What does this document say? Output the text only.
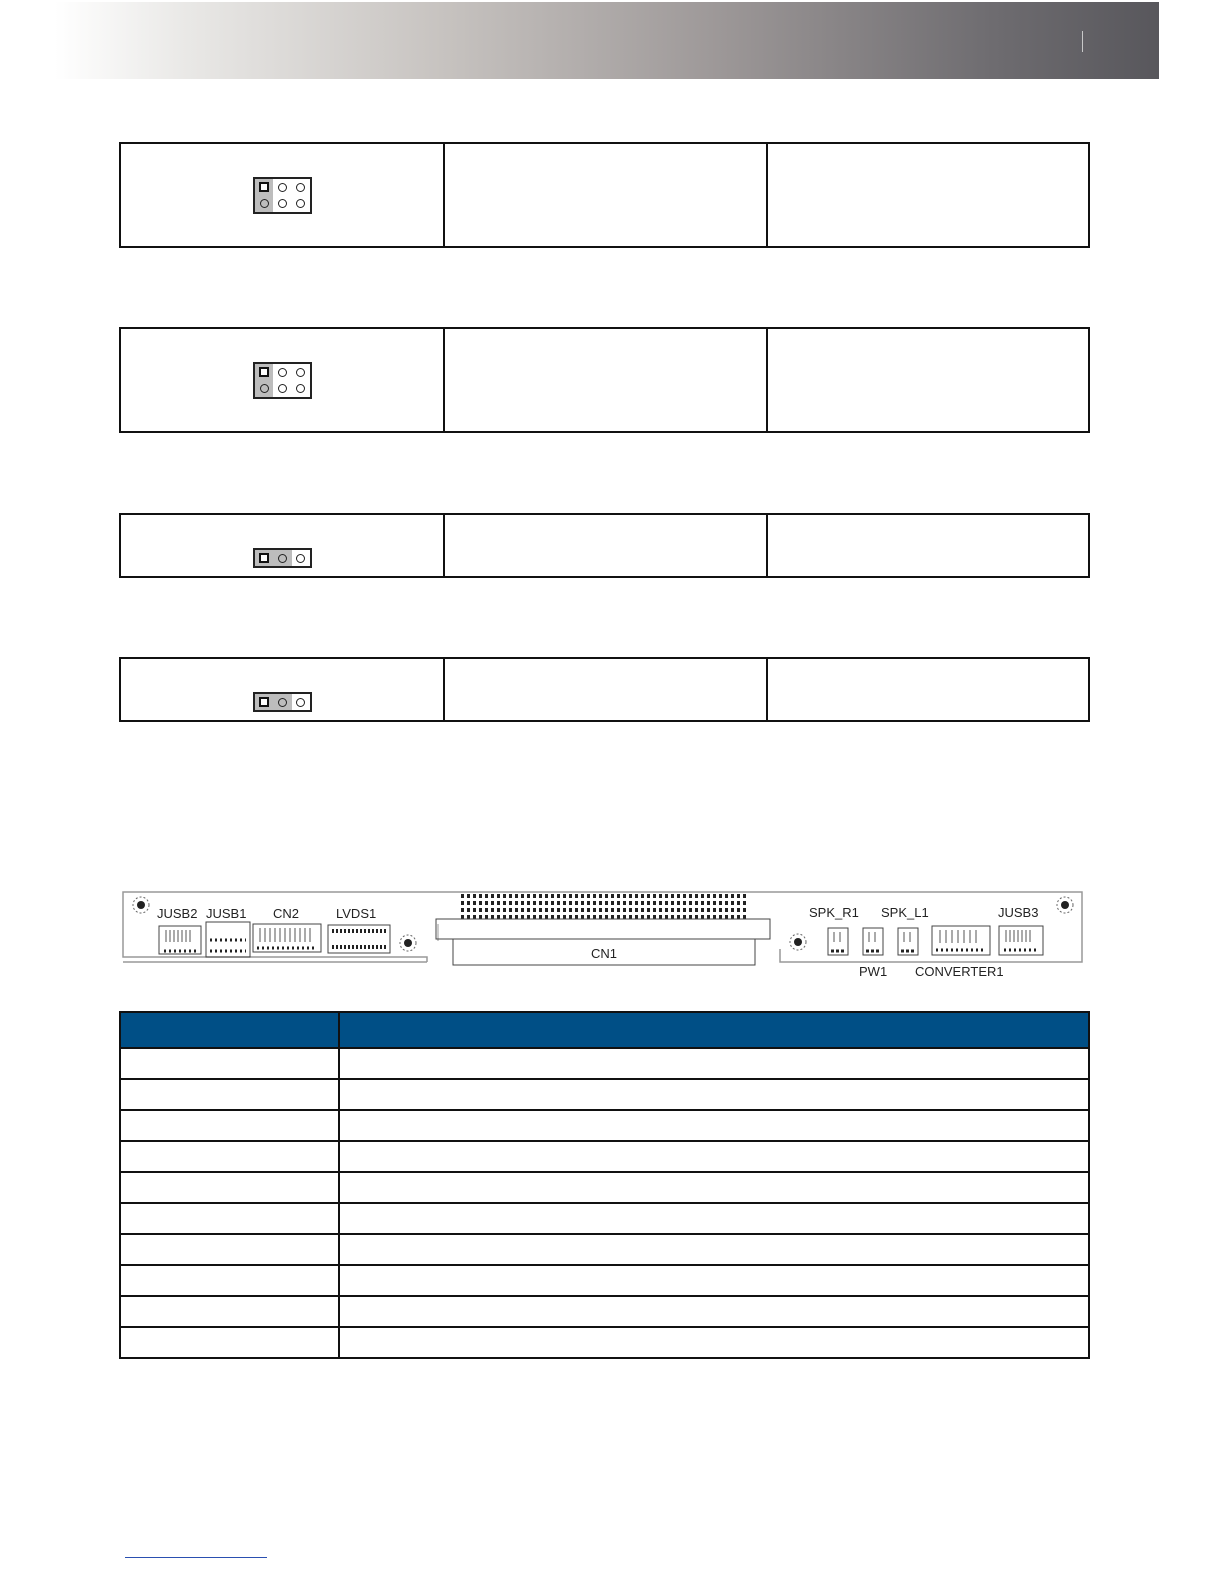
JUSB2 JUSB1 CN2	LVDS1
CN1
SPK_R1 SPK_L1	JUSB3
PW1 CONVERTER1
